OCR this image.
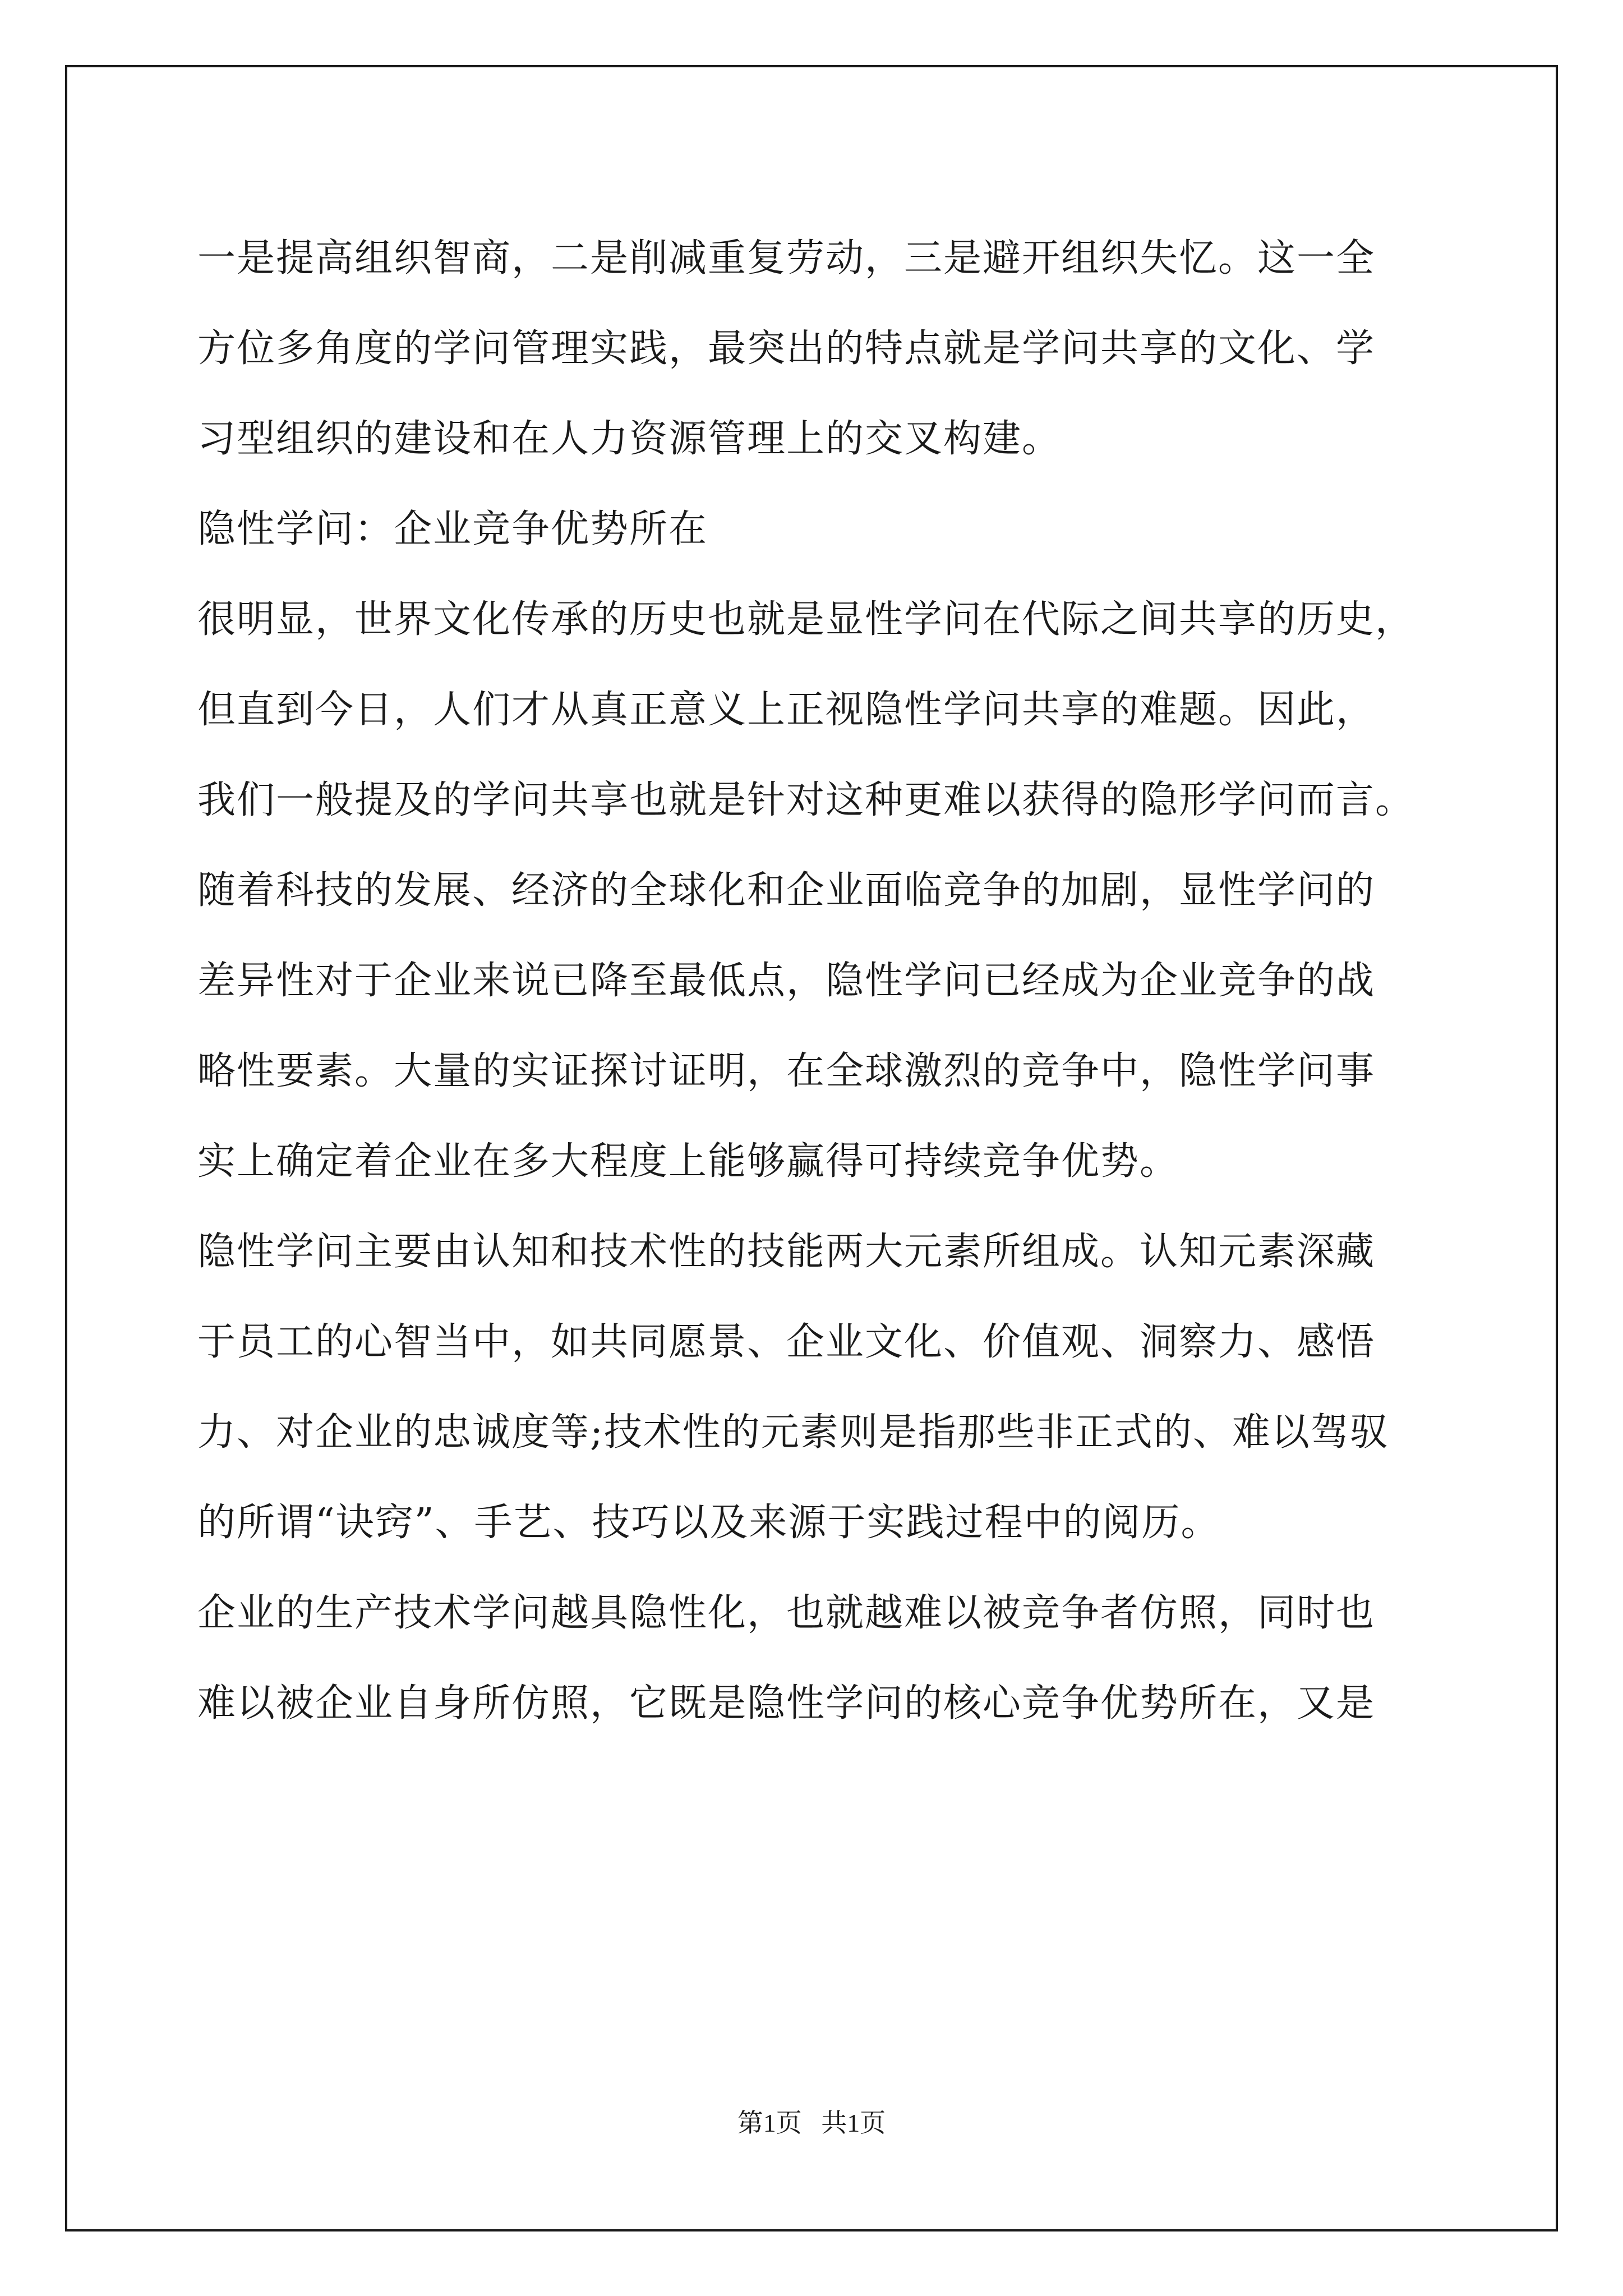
一是提高组织智商，二是削减重复劳动，三是避开组织失忆。这一全
方位多角度的学问管理实践，最突出的特点就是学问共享的文化、学
习型组织的建设和在人力资源管理上的交叉构建。
隐性学问：企业竞争优势所在
很明显，世界文化传承的历史也就是显性学问在代际之间共享的历史，
但直到今日，人们才从真正意义上正视隐性学问共享的难题。因此，
我们一般提及的学问共享也就是针对这种更难以获得的隐形学问而言。
随着科技的发展、经济的全球化和企业面临竞争的加剧，显性学问的
差异性对于企业来说已降至最低点，隐性学问已经成为企业竞争的战
略性要素。大量的实证探讨证明，在全球激烈的竞争中，隐性学问事
实上确定着企业在多大程度上能够赢得可持续竞争优势。
隐性学问主要由认知和技术性的技能两大元素所组成。认知元素深藏
于员工的心智当中，如共同愿景、企业文化、价值观、洞察力、感悟
力、对企业的忠诚度等;技术性的元素则是指那些非正式的、难以驾驭
的所谓“诀窍”、手艺、技巧以及来源于实践过程中的阅历。
企业的生产技术学问越具隐性化，也就越难以被竞争者仿照，同时也
难以被企业自身所仿照，它既是隐性学问的核心竞争优势所在，又是
第1页   共1页
